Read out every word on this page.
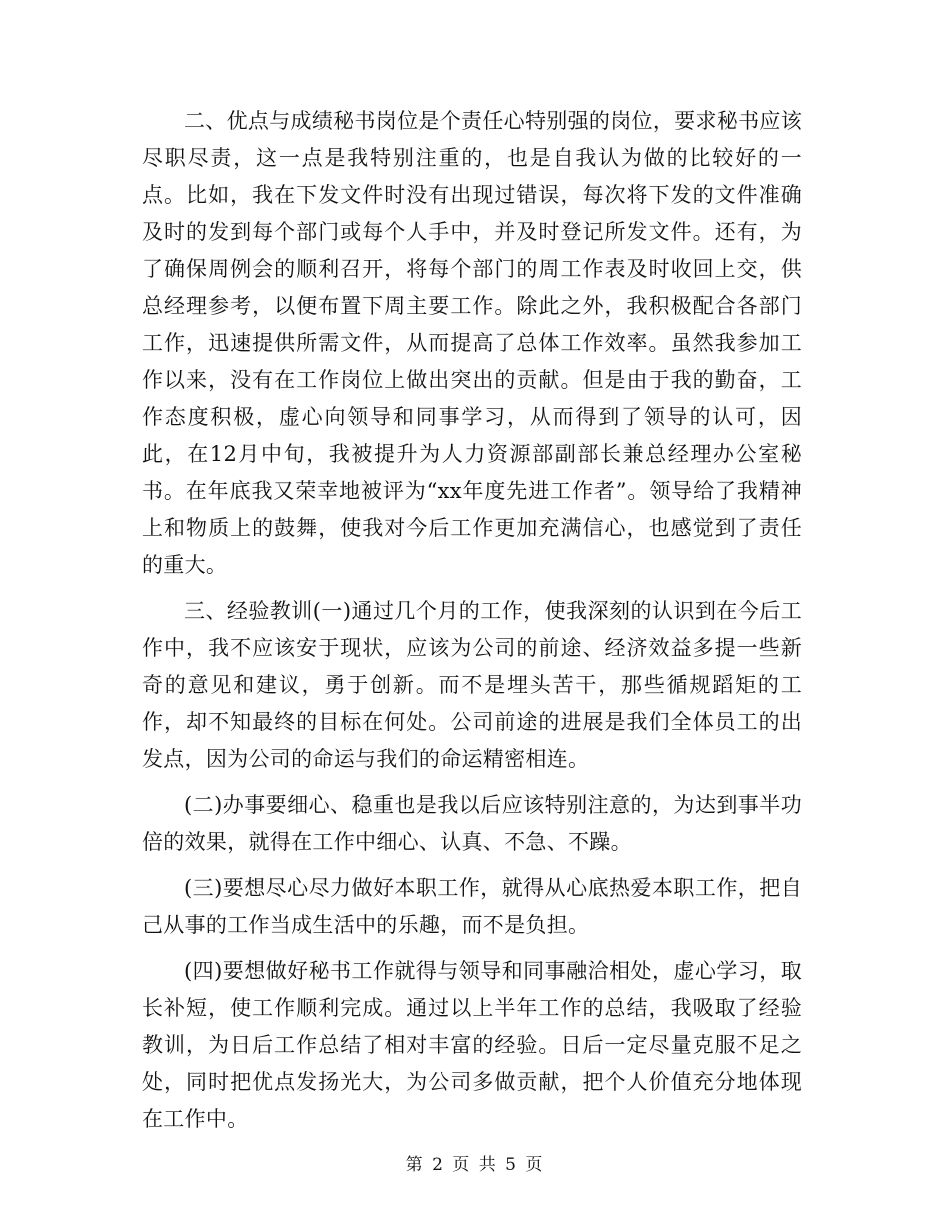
二、优点与成绩秘书岗位是个责任心特别强的岗位，要求秘书应该尽职尽责，这一点是我特别注重的，也是自我认为做的比较好的一点。比如，我在下发文件时没有出现过错误，每次将下发的文件准确及时的发到每个部门或每个人手中，并及时登记所发文件。还有，为了确保周例会的顺利召开，将每个部门的周工作表及时收回上交，供总经理参考，以便布置下周主要工作。除此之外，我积极配合各部门工作，迅速提供所需文件，从而提高了总体工作效率。虽然我参加工作以来，没有在工作岗位上做出突出的贡献。但是由于我的勤奋，工作态度积极，虚心向领导和同事学习，从而得到了领导的认可，因此，在12月中旬，我被提升为人力资源部副部长兼总经理办公室秘书。在年底我又荣幸地被评为“xx年度先进工作者”。领导给了我精神上和物质上的鼓舞，使我对今后工作更加充满信心，也感觉到了责任的重大。

三、经验教训(一)通过几个月的工作，使我深刻的认识到在今后工作中，我不应该安于现状，应该为公司的前途、经济效益多提一些新奇的意见和建议，勇于创新。而不是埋头苦干，那些循规蹈矩的工作，却不知最终的目标在何处。公司前途的进展是我们全体员工的出发点，因为公司的命运与我们的命运精密相连。

(二)办事要细心、稳重也是我以后应该特别注意的，为达到事半功倍的效果，就得在工作中细心、认真、不急、不躁。

(三)要想尽心尽力做好本职工作，就得从心底热爱本职工作，把自己从事的工作当成生活中的乐趣，而不是负担。

(四)要想做好秘书工作就得与领导和同事融洽相处，虚心学习，取长补短，使工作顺利完成。通过以上半年工作的总结，我吸取了经验教训，为日后工作总结了相对丰富的经验。日后一定尽量克服不足之处，同时把优点发扬光大，为公司多做贡献，把个人价值充分地体现在工作中。

第 2 页 共 5 页
